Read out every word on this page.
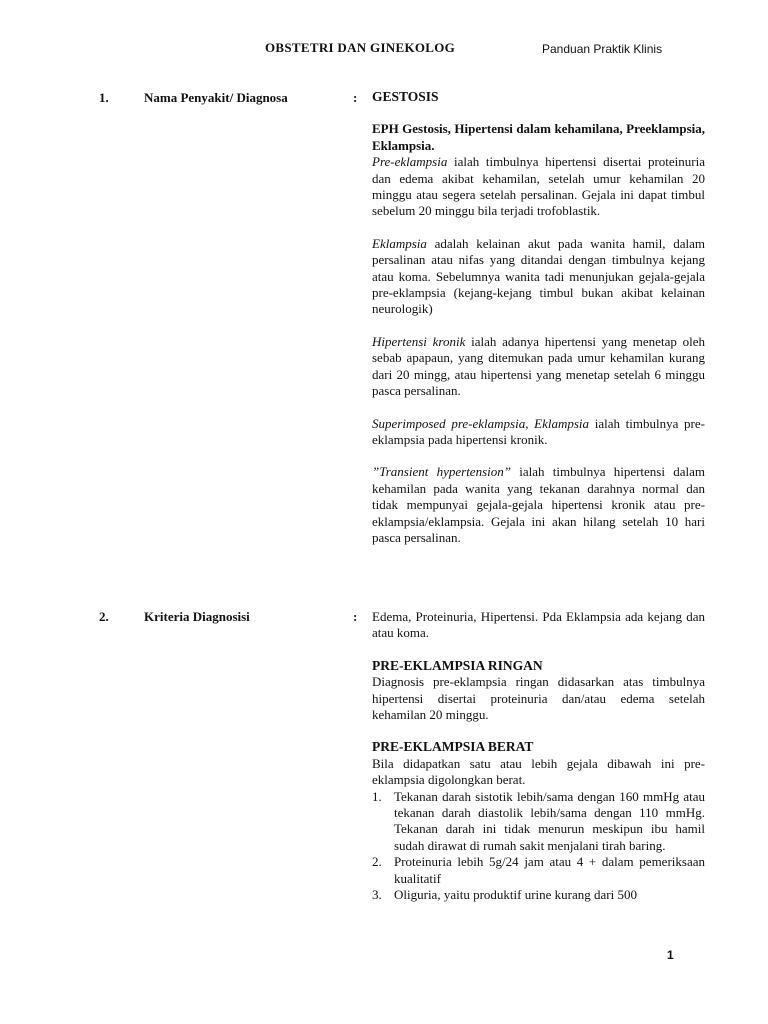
OBSTETRI DAN GINEKOLOG	Panduan Praktik Klinis
1.	Nama Penyakit/ Diagnosa	: GESTOSIS

EPH Gestosis, Hipertensi dalam kehamilana, Preeklampsia, Eklampsia.

Pre-eklampsia ialah timbulnya hipertensi disertai proteinuria dan edema akibat kehamilan, setelah umur kehamilan 20 minggu atau segera setelah persalinan. Gejala ini dapat timbul sebelum 20 minggu bila terjadi trofoblastik.

Eklampsia adalah kelainan akut pada wanita hamil, dalam persalinan atau nifas yang ditandai dengan timbulnya kejang atau koma. Sebelumnya wanita tadi menunjukan gejala-gejala pre-eklampsia (kejang-kejang timbul bukan akibat kelainan neurologik)

Hipertensi kronik ialah adanya hipertensi yang menetap oleh sebab apapaun, yang ditemukan pada umur kehamilan kurang dari 20 mingg, atau hipertensi yang menetap setelah 6 minggu pasca persalinan.

Superimposed pre-eklampsia, Eklampsia ialah timbulnya pre-eklampsia pada hipertensi kronik.

”Transient hypertension” ialah timbulnya hipertensi dalam kehamilan pada wanita yang tekanan darahnya normal dan tidak mempunyai gejala-gejala hipertensi kronik atau pre-eklampsia/eklampsia. Gejala ini akan hilang setelah 10 hari pasca persalinan.

2.	Kriteria Diagnosisi	: Edema, Proteinuria, Hipertensi. Pda Eklampsia ada kejang dan atau koma.

PRE-EKLAMPSIA RINGAN

Diagnosis pre-eklampsia ringan didasarkan atas timbulnya hipertensi disertai proteinuria dan/atau edema setelah kehamilan 20 minggu.

PRE-EKLAMPSIA BERAT

Bila didapatkan satu atau lebih gejala dibawah ini pre-eklampsia digolongkan berat.

1. Tekanan darah sistotik lebih/sama dengan 160 mmHg atau tekanan darah diastolik lebih/sama dengan 110 mmHg. Tekanan darah ini tidak menurun meskipun ibu hamil sudah dirawat di rumah sakit menjalani tirah baring.
2. Proteinuria lebih 5g/24 jam atau 4 + dalam pemeriksaan kualitatif
3. Oliguria, yaitu produktif urine kurang dari 500
1
